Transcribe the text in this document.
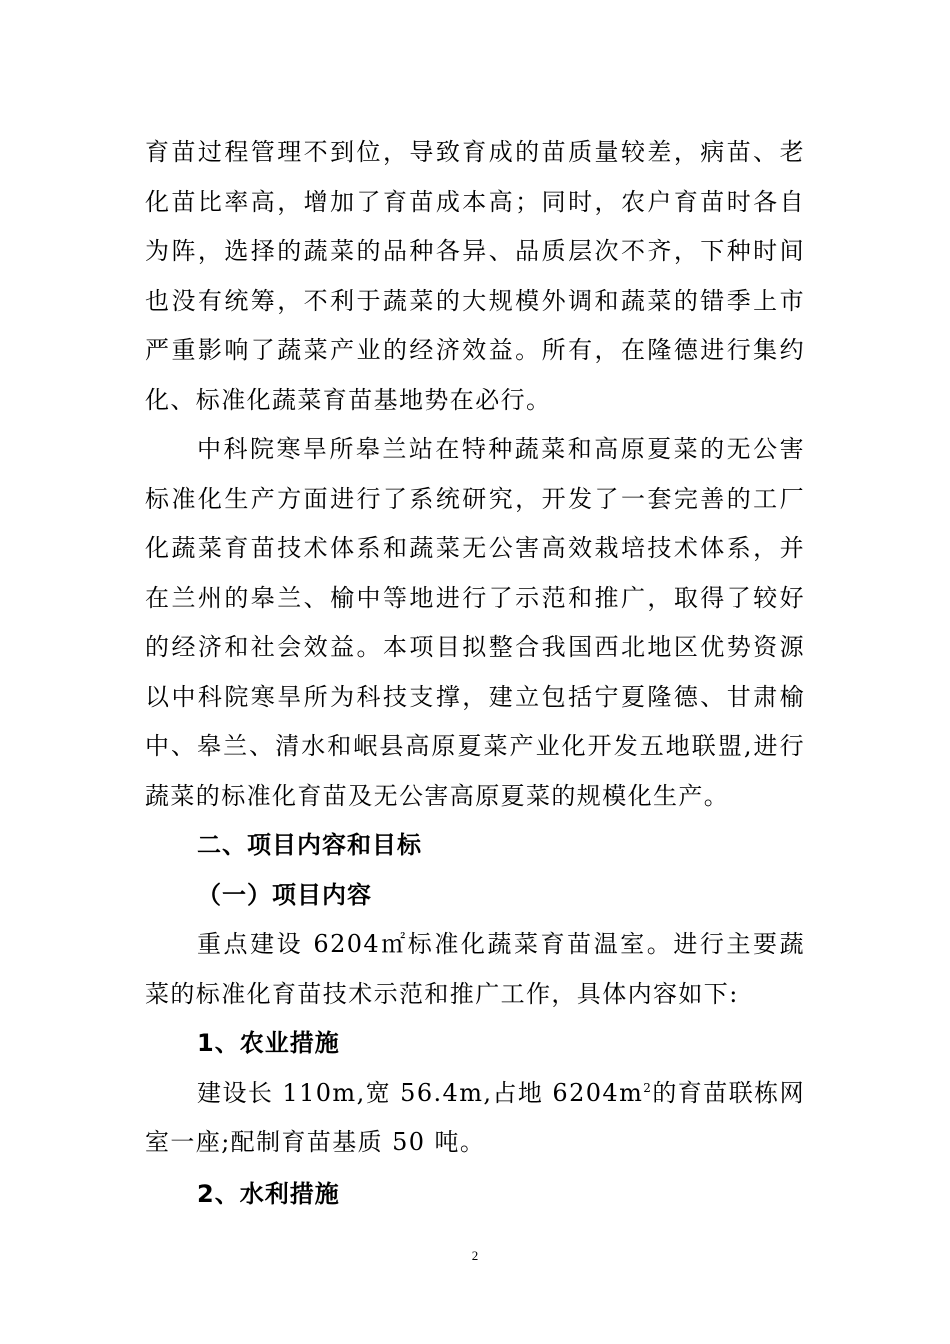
育苗过程管理不到位，导致育成的苗质量较差，病苗、老化苗比率高，增加了育苗成本高；同时，农户育苗时各自为阵，选择的蔬菜的品种各异、品质层次不齐，下种时间也没有统筹，不利于蔬菜的大规模外调和蔬菜的错季上市严重影响了蔬菜产业的经济效益。所有，在隆德进行集约化、标准化蔬菜育苗基地势在必行。

中科院寒旱所皋兰站在特种蔬菜和高原夏菜的无公害标准化生产方面进行了系统研究，开发了一套完善的工厂化蔬菜育苗技术体系和蔬菜无公害高效栽培技术体系，并在兰州的皋兰、榆中等地进行了示范和推广，取得了较好的经济和社会效益。本项目拟整合我国西北地区优势资源以中科院寒旱所为科技支撑，建立包括宁夏隆德、甘肃榆中、皋兰、清水和岷县高原夏菜产业化开发五地联盟,进行蔬菜的标准化育苗及无公害高原夏菜的规模化生产。

二、项目内容和目标

（一）项目内容

重点建设 6204㎡标准化蔬菜育苗温室。进行主要蔬菜的标准化育苗技术示范和推广工作，具体内容如下:

1、农业措施

建设长 110m,宽 56.4m,占地 $6204m^2$的育苗联栋网室一座;配制育苗基质 50 吨。

2、水利措施

2
